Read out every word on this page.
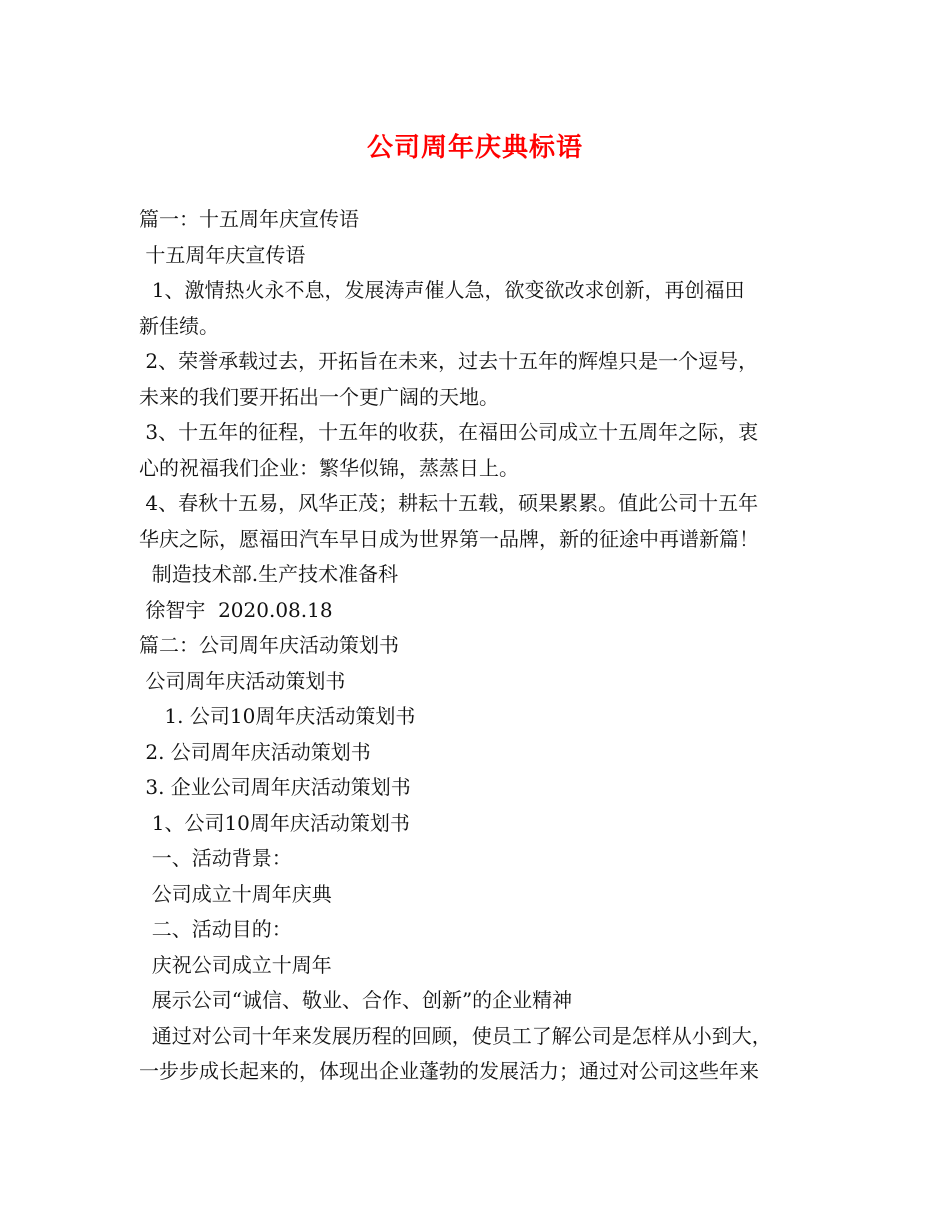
公司周年庆典标语

篇一：十五周年庆宣传语

十五周年庆宣传语

1、激情热火永不息，发展涛声催人急，欲变欲改求创新，再创福田

新佳绩。

2、荣誉承载过去，开拓旨在未来，过去十五年的辉煌只是一个逗号，

未来的我们要开拓出一个更广阔的天地。

3、十五年的征程，十五年的收获，在福田公司成立十五周年之际，衷

心的祝福我们企业：繁华似锦，蒸蒸日上。

4、春秋十五易，风华正茂；耕耘十五载，硕果累累。值此公司十五年

华庆之际，愿福田汽车早日成为世界第一品牌，新的征途中再谱新篇！

制造技术部.生产技术准备科

徐智宇  2020.08.18

篇二：公司周年庆活动策划书

公司周年庆活动策划书

1. 公司10周年庆活动策划书

2. 公司周年庆活动策划书

3. 企业公司周年庆活动策划书

1、公司10周年庆活动策划书

一、活动背景：

公司成立十周年庆典

二、活动目的：

庆祝公司成立十周年

展示公司“诚信、敬业、合作、创新”的企业精神

通过对公司十年来发展历程的回顾，使员工了解公司是怎样从小到大，

一步步成长起来的，体现出企业蓬勃的发展活力；通过对公司这些年来
